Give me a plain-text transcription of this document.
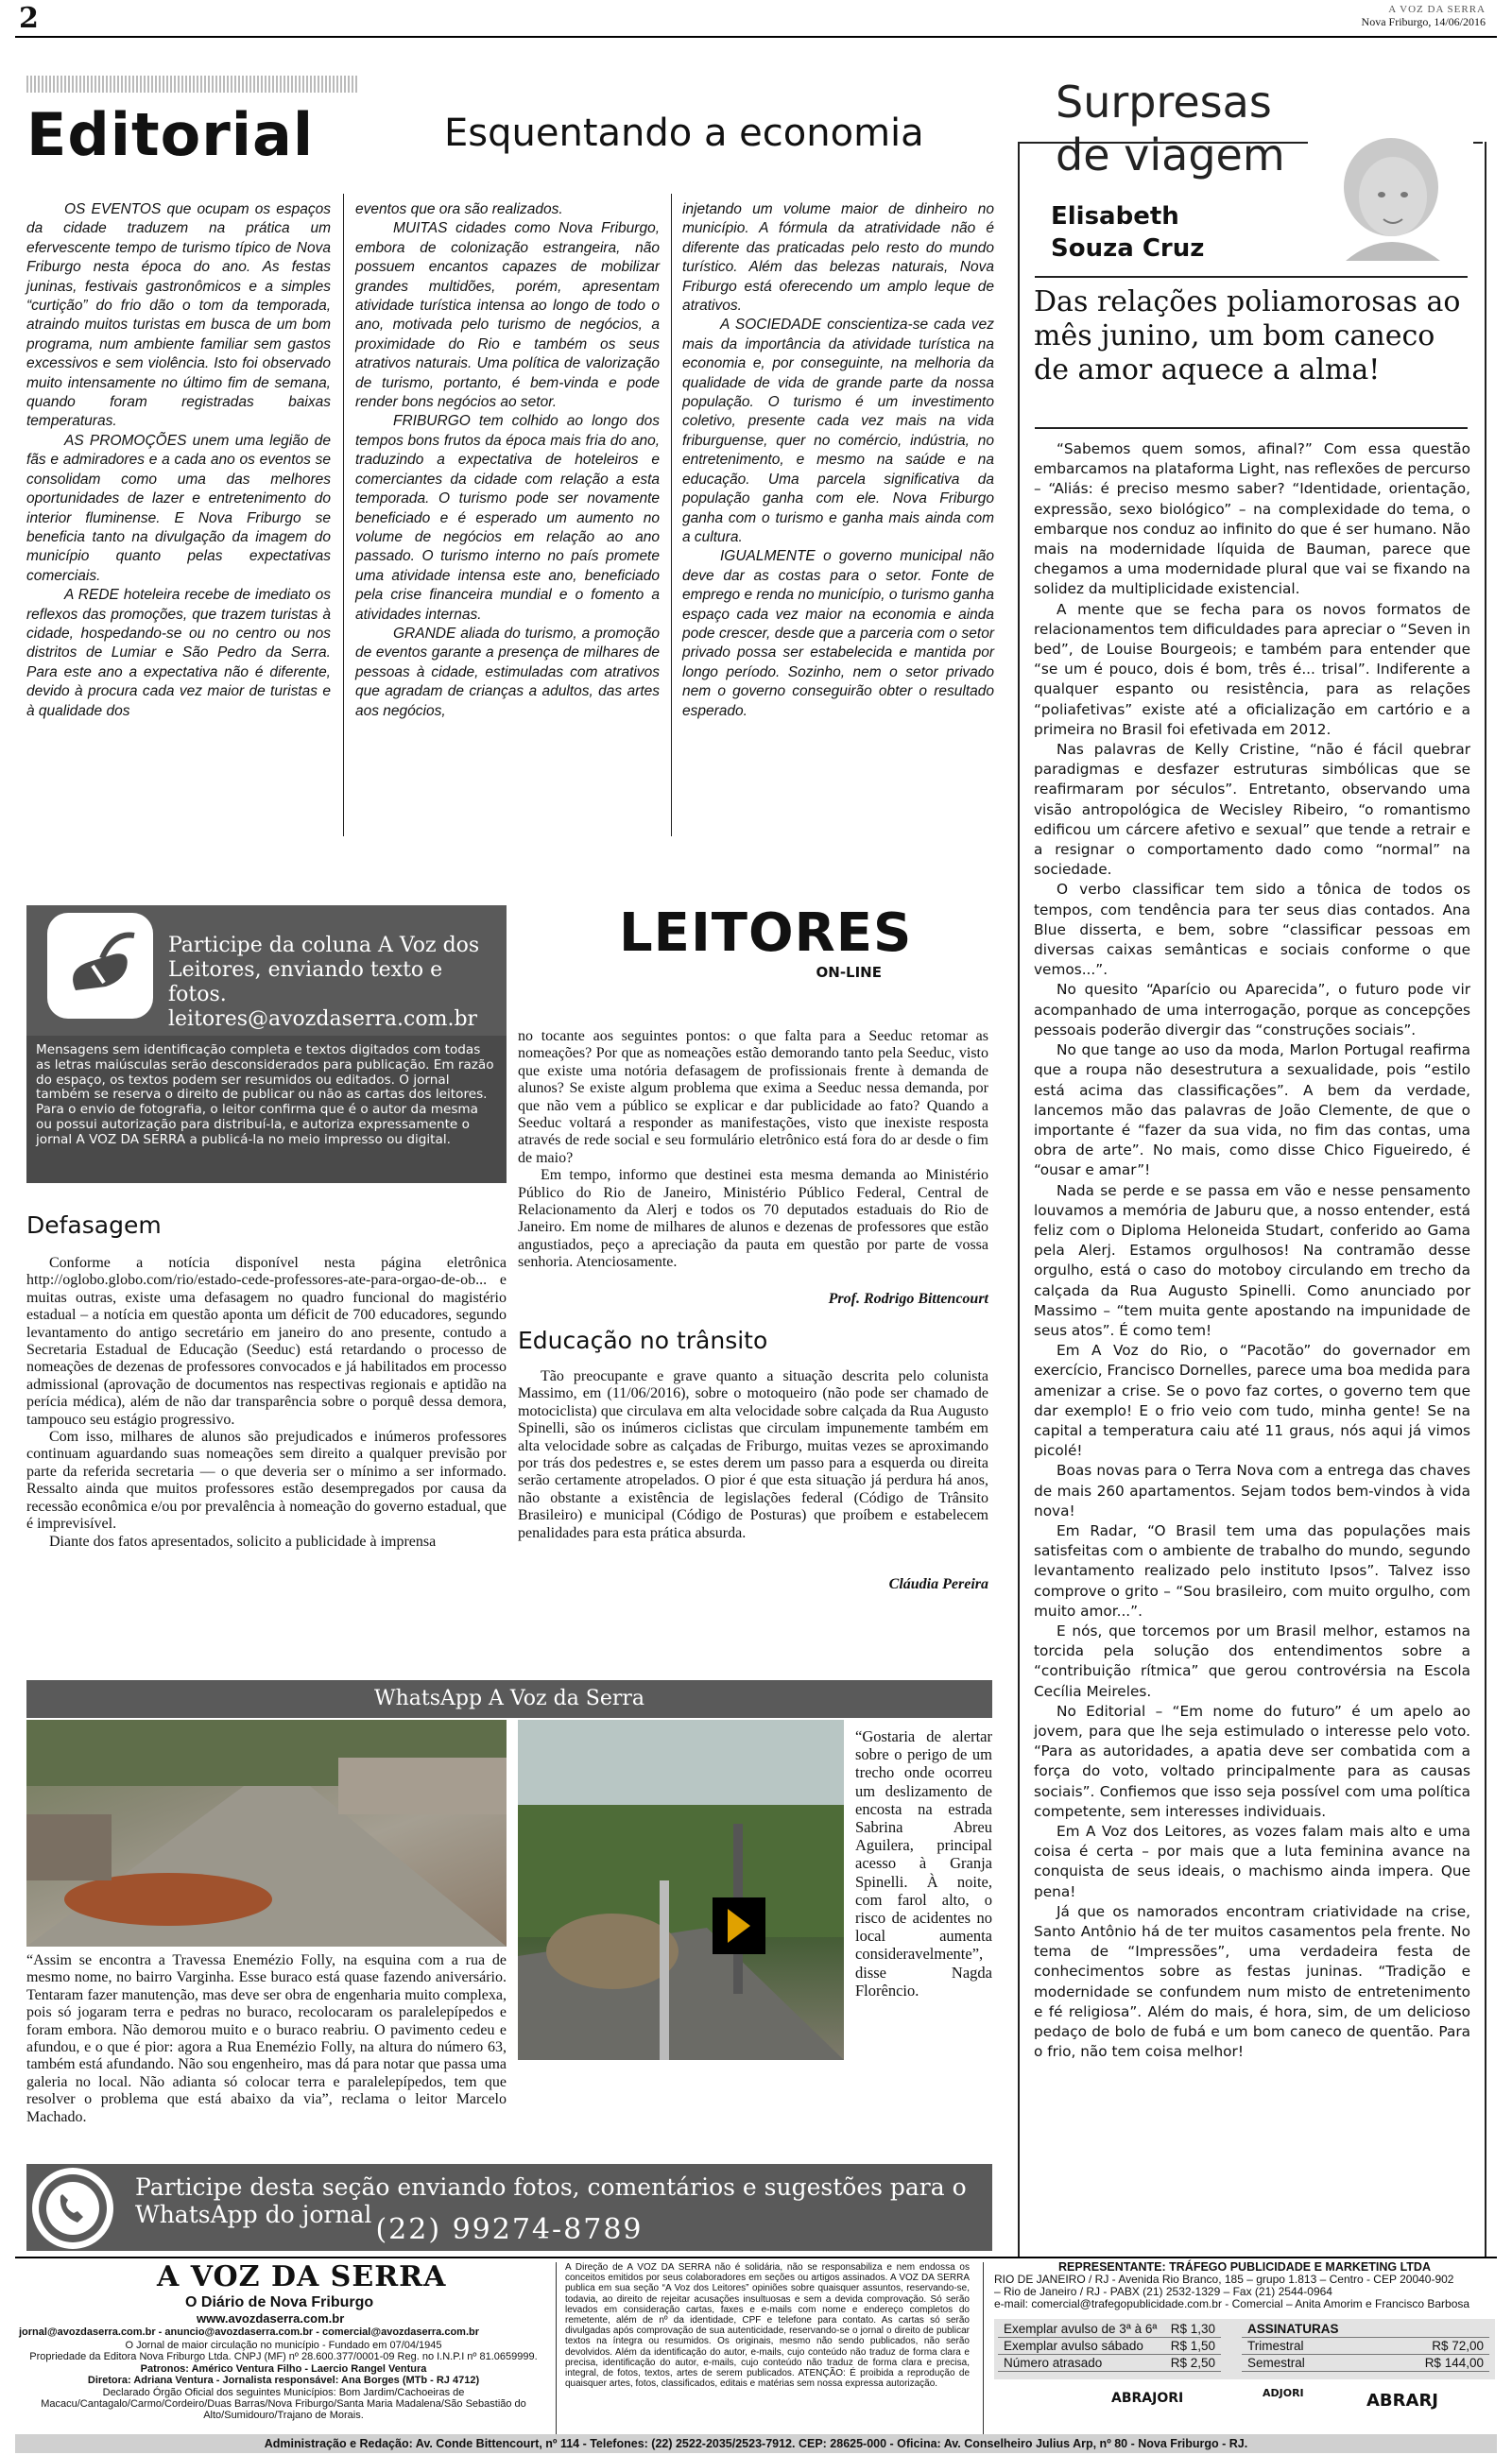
2	A VOZ DA SERRA
Nova Friburgo, 14/06/2016
Editorial	Esquentando a economia

OS EVENTOS que ocupam os espaços da cidade traduzem na prática um efervescente tempo de turismo típico de Nova Friburgo nesta época do ano. As festas juninas, festivais gastronômicos e a simples “curtição” do frio dão o tom da temporada, atraindo muitos turistas em busca de um bom programa, num ambiente familiar sem gastos excessivos e sem violência. Isto foi observado muito intensamente no último fim de semana, quando foram registradas baixas temperaturas.

AS PROMOÇÕES unem uma legião de fãs e admiradores e a cada ano os eventos se consolidam como uma das melhores oportunidades de lazer e entretenimento do interior fluminense. E Nova Friburgo se beneficia tanto na divulgação da imagem do município quanto pelas expectativas comerciais.

A REDE hoteleira recebe de imediato os reflexos das promoções, que trazem turistas à cidade, hospedando-se ou no centro ou nos distritos de Lumiar e São Pedro da Serra. Para este ano a expectativa não é diferente, devido à procura cada vez maior de turistas e à qualidade dos

eventos que ora são realizados.

MUITAS cidades como Nova Friburgo, embora de colonização estrangeira, não possuem encantos capazes de mobilizar grandes multidões, porém, apresentam atividade turística intensa ao longo de todo o ano, motivada pelo turismo de negócios, a proximidade do Rio e também os seus atrativos naturais. Uma política de valorização de turismo, portanto, é bem-vinda e pode render bons negócios ao setor.

FRIBURGO tem colhido ao longo dos tempos bons frutos da época mais fria do ano, traduzindo a expectativa de hoteleiros e comerciantes da cidade com relação a esta temporada. O turismo pode ser novamente beneficiado e é esperado um aumento no volume de negócios em relação ao ano passado. O turismo interno no país promete uma atividade intensa este ano, beneficiado pela crise financeira mundial e o fomento a atividades internas.

GRANDE aliada do turismo, a promoção de eventos garante a presença de milhares de pessoas à cidade, estimuladas com atrativos que agradam de crianças a adultos, das artes aos negócios,

injetando um volume maior de dinheiro no município. A fórmula da atratividade não é diferente das praticadas pelo resto do mundo turístico. Além das belezas naturais, Nova Friburgo está oferecendo um amplo leque de atrativos.

A SOCIEDADE conscientiza-se cada vez mais da importância da atividade turística na economia e, por conseguinte, na melhoria da qualidade de vida de grande parte da nossa população. O turismo é um investimento coletivo, presente cada vez mais na vida friburguense, quer no comércio, indústria, no entretenimento, e mesmo na saúde e na educação. Uma parcela significativa da população ganha com ele. Nova Friburgo ganha com o turismo e ganha mais ainda com a cultura.

IGUALMENTE o governo municipal não deve dar as costas para o setor. Fonte de emprego e renda no município, o turismo ganha espaço cada vez maior na economia e ainda pode crescer, desde que a parceria com o setor privado possa ser estabelecida e mantida por longo período. Sozinho, nem o setor privado nem o governo conseguirão obter o resultado esperado.

Surpresas
de viagem
Elisabeth
Souza Cruz
Das relações poliamorosas ao mês junino, um bom caneco de amor aquece a alma!

“Sabemos quem somos, afinal?” Com essa questão embarcamos na plataforma Light, nas reflexões de percurso – “Aliás: é preciso mesmo saber? “Identidade, orientação, expressão, sexo biológico” – na complexidade do tema, o embarque nos conduz ao infinito do que é ser humano. Não mais na modernidade líquida de Bauman, parece que chegamos a uma modernidade plural que vai se fixando na solidez da multiplicidade existencial.

A mente que se fecha para os novos formatos de relacionamentos tem dificuldades para apreciar o “Seven in bed”, de Louise Bourgeois; e também para entender que “se um é pouco, dois é bom, três é... trisal”. Indiferente a qualquer espanto ou resistência, para as relações “poliafetivas” existe até a oficialização em cartório e a primeira no Brasil foi efetivada em 2012.

Nas palavras de Kelly Cristine, “não é fácil quebrar paradigmas e desfazer estruturas simbólicas que se reafirmaram por séculos”. Entretanto, observando uma visão antropológica de Wecisley Ribeiro, “o romantismo edificou um cárcere afetivo e sexual” que tende a retrair e a resignar o comportamento dado como “normal” na sociedade.

O verbo classificar tem sido a tônica de todos os tempos, com tendência para ter seus dias contados. Ana Blue disserta, e bem, sobre “classificar pessoas em diversas caixas semânticas e sociais conforme o que vemos...”.

No quesito “Aparício ou Aparecida”, o futuro pode vir acompanhado de uma interrogação, porque as concepções pessoais poderão divergir das “construções sociais”.

No que tange ao uso da moda, Marlon Portugal reafirma que a roupa não desestrutura a sexualidade, pois “estilo está acima das classificações”. A bem da verdade, lancemos mão das palavras de João Clemente, de que o importante é “fazer da sua vida, no fim das contas, uma obra de arte”. No mais, como disse Chico Figueiredo, é “ousar e amar”!

Nada se perde e se passa em vão e nesse pensamento louvamos a memória de Jaburu que, a nosso entender, está feliz com o Diploma Heloneida Studart, conferido ao Gama pela Alerj. Estamos orgulhosos! Na contramão desse orgulho, está o caso do motoboy circulando em trecho da calçada da Rua Augusto Spinelli. Como anunciado por Massimo – “tem muita gente apostando na impunidade de seus atos”. É como tem!

Em A Voz do Rio, o “Pacotão” do governador em exercício, Francisco Dornelles, parece uma boa medida para amenizar a crise. Se o povo faz cortes, o governo tem que dar exemplo! E o frio veio com tudo, minha gente! Se na capital a temperatura caiu até 11 graus, nós aqui já vimos picolé!

Boas novas para o Terra Nova com a entrega das chaves de mais 260 apartamentos. Sejam todos bem-vindos à vida nova!

Em Radar, “O Brasil tem uma das populações mais satisfeitas com o ambiente de trabalho do mundo, segundo levantamento realizado pelo instituto Ipsos”. Talvez isso comprove o grito – “Sou brasileiro, com muito orgulho, com muito amor...”.

E nós, que torcemos por um Brasil melhor, estamos na torcida pela solução dos entendimentos sobre a “contribuição rítmica” que gerou controvérsia na Escola Cecília Meireles.

No Editorial – “Em nome do futuro” é um apelo ao jovem, para que lhe seja estimulado o interesse pelo voto. “Para as autoridades, a apatia deve ser combatida com a força do voto, voltado principalmente para as causas sociais”. Confiemos que isso seja possível com uma política competente, sem interesses individuais.

Em A Voz dos Leitores, as vozes falam mais alto e uma coisa é certa – por mais que a luta feminina avance na conquista de seus ideais, o machismo ainda impera. Que pena!

Já que os namorados encontram criatividade na crise, Santo Antônio há de ter muitos casamentos pela frente. No tema de “Impressões”, uma verdadeira festa de conhecimentos sobre as festas juninas. “Tradição e modernidade se confundem num misto de entretenimento e fé religiosa”. Além do mais, é hora, sim, de um delicioso pedaço de bolo de fubá e um bom caneco de quentão. Para o frio, não tem coisa melhor!

Participe da coluna A Voz dos Leitores, enviando texto e fotos. leitores@avozdaserra.com.br
Mensagens sem identificação completa e textos digitados com todas as letras maiúsculas serão desconsiderados para publicação. Em razão do espaço, os textos podem ser resumidos ou editados. O jornal também se reserva o direito de publicar ou não as cartas dos leitores. Para o envio de fotografia, o leitor confirma que é o autor da mesma ou possui autorização para distribuí-la, e autoriza expressamente o jornal A VOZ DA SERRA a publicá-la no meio impresso ou digital.
LEITORES
ON-LINE
Defasagem

Conforme a notícia disponível nesta página eletrônica http://oglobo.globo.com/rio/estado-cede-professores-ate-para-orgao-de-ob... e muitas outras, existe uma defasagem no quadro funcional do magistério estadual – a notícia em questão aponta um déficit de 700 educadores, segundo levantamento do antigo secretário em janeiro do ano presente, contudo a Secretaria Estadual de Educação (Seeduc) está retardando o processo de nomeações de dezenas de professores convocados e já habilitados em processo admissional (aprovação de documentos nas respectivas regionais e aptidão na perícia médica), além de não dar transparência sobre o porquê dessa demora, tampouco seu estágio progressivo.

Com isso, milhares de alunos são prejudicados e inúmeros professores continuam aguardando suas nomeações sem direito a qualquer previsão por parte da referida secretaria — o que deveria ser o mínimo a ser informado. Ressalto ainda que muitos professores estão desempregados por causa da recessão econômica e/ou por prevalência à nomeação do governo estadual, que é imprevisível.

Diante dos fatos apresentados, solicito a publicidade à imprensa

no tocante aos seguintes pontos: o que falta para a Seeduc retomar as nomeações? Por que as nomeações estão demorando tanto pela Seeduc, visto que existe uma notória defasagem de profissionais frente à demanda de alunos? Se existe algum problema que exima a Seeduc nessa demanda, por que não vem a público se explicar e dar publicidade ao fato? Quando a Seeduc voltará a responder as manifestações, visto que inexiste resposta através de rede social e seu formulário eletrônico está fora do ar desde o fim de maio?

Em tempo, informo que destinei esta mesma demanda ao Ministério Público do Rio de Janeiro, Ministério Público Federal, Central de Relacionamento da Alerj e todos os 70 deputados estaduais do Rio de Janeiro. Em nome de milhares de alunos e dezenas de professores que estão angustiados, peço a apreciação da pauta em questão por parte de vossa senhoria. Atenciosamente.

Prof. Rodrigo Bittencourt
Educação no trânsito

Tão preocupante e grave quanto a situação descrita pelo colunista Massimo, em (11/06/2016), sobre o motoqueiro (não pode ser chamado de motociclista) que circulava em alta velocidade sobre calçada da Rua Augusto Spinelli, são os inúmeros ciclistas que circulam impunemente também em alta velocidade sobre as calçadas de Friburgo, muitas vezes se aproximando por trás dos pedestres e, se estes derem um passo para a esquerda ou direita serão certamente atropelados. O pior é que esta situação já perdura há anos, não obstante a existência de legislações federal (Código de Trânsito Brasileiro) e municipal (Código de Posturas) que proíbem e estabelecem penalidades para esta prática absurda.

Cláudia Pereira
WhatsApp A Voz da Serra
“Assim se encontra a Travessa Enemézio Folly, na esquina com a rua de mesmo nome, no bairro Varginha. Esse buraco está quase fazendo aniversário. Tentaram fazer manutenção, mas deve ser obra de engenharia muito complexa, pois só jogaram terra e pedras no buraco, recolocaram os paralelepípedos e foram embora. Não demorou muito e o buraco reabriu. O pavimento cedeu e afundou, e o que é pior: agora a Rua Enemézio Folly, na altura do número 63, também está afundando. Não sou engenheiro, mas dá para notar que passa uma galeria no local. Não adianta só colocar terra e paralelepípedos, tem que resolver o problema que está abaixo da via”, reclama o leitor Marcelo Machado.
“Gostaria de alertar sobre o perigo de um trecho onde ocorreu um deslizamento de encosta na estrada Sabrina Abreu Aguilera, principal acesso à Granja Spinelli. À noite, com farol alto, o risco de acidentes no local aumenta consideravelmente”, disse Nagda Florêncio.
Participe desta seção enviando fotos, comentários e sugestões para o WhatsApp do jornal (22) 99274-8789
A VOZ DA SERRA
O Diário de Nova Friburgo
www.avozdaserra.com.br
jornal@avozdaserra.com.br - anuncio@avozdaserra.com.br - comercial@avozdaserra.com.br
O Jornal de maior circulação no município - Fundado em 07/04/1945
Propriedade da Editora Nova Friburgo Ltda. CNPJ (MF) nº 28.600.377/0001-09 Reg. no I.N.P.I nº 81.0659999.
Patronos: Américo Ventura Filho - Laercio Rangel Ventura
Diretora: Adriana Ventura - Jornalista responsável: Ana Borges (MTb - RJ 4712)
Declarado Órgão Oficial dos seguintes Municípios: Bom Jardim/Cachoeiras de Macacu/Cantagalo/Carmo/Cordeiro/Duas Barras/Nova Friburgo/Santa Maria Madalena/São Sebastião do Alto/Sumidouro/Trajano de Morais.
A Direção de A VOZ DA SERRA não é solidária, não se responsabiliza e nem endossa os conceitos emitidos por seus colaboradores em seções ou artigos assinados. A VOZ DA SERRA publica em sua seção “A Voz dos Leitores” opiniões sobre quaisquer assuntos, reservando-se, todavia, ao direito de rejeitar acusações insultuosas e sem a devida comprovação. Só serão levados em consideração cartas, faxes e e-mails com nome e endereço completos do remetente, além de nº da identidade, CPF e telefone para contato. As cartas só serão divulgadas após comprovação de sua autenticidade, reservando-se o jornal o direito de publicar textos na íntegra ou resumidos. Os originais, mesmo não sendo publicados, não serão devolvidos. Além da identificação do autor, e-mails, cujo conteúdo não traduz de forma clara e precisa, identificação do autor, e-mails, cujo conteúdo não traduz de forma clara e precisa, integral, de fotos, textos, artes de serem publicados. ATENÇÃO: É proibida a reprodução de quaisquer artes, fotos, classificados, editais e matérias sem nossa expressa autorização.
REPRESENTANTE: TRÁFEGO PUBLICIDADE E MARKETING LTDA
RIO DE JANEIRO / RJ - Avenida Rio Branco, 185 – grupo 1.813 – Centro - CEP 20040-902
– Rio de Janeiro / RJ - PABX (21) 2532-1329 – Fax (21) 2544-0964
e-mail: comercial@trafegopublicidade.com.br - Comercial – Anita Amorim e Francisco Barbosa
Exemplar avulso de 3ª à 6ª	R$ 1,30
Exemplar avulso sábado	R$ 1,50
Número atrasado	R$ 2,50
ASSINATURAS	
Trimestral	R$ 72,00
Semestral	R$ 144,00
ABRAJORI	ADJORI	ABRARJ
Administração e Redação: Av. Conde Bittencourt, nº 114 - Telefones: (22) 2522-2035/2523-7912. CEP: 28625-000 - Oficina: Av. Conselheiro Julius Arp, nº 80 - Nova Friburgo - RJ.
